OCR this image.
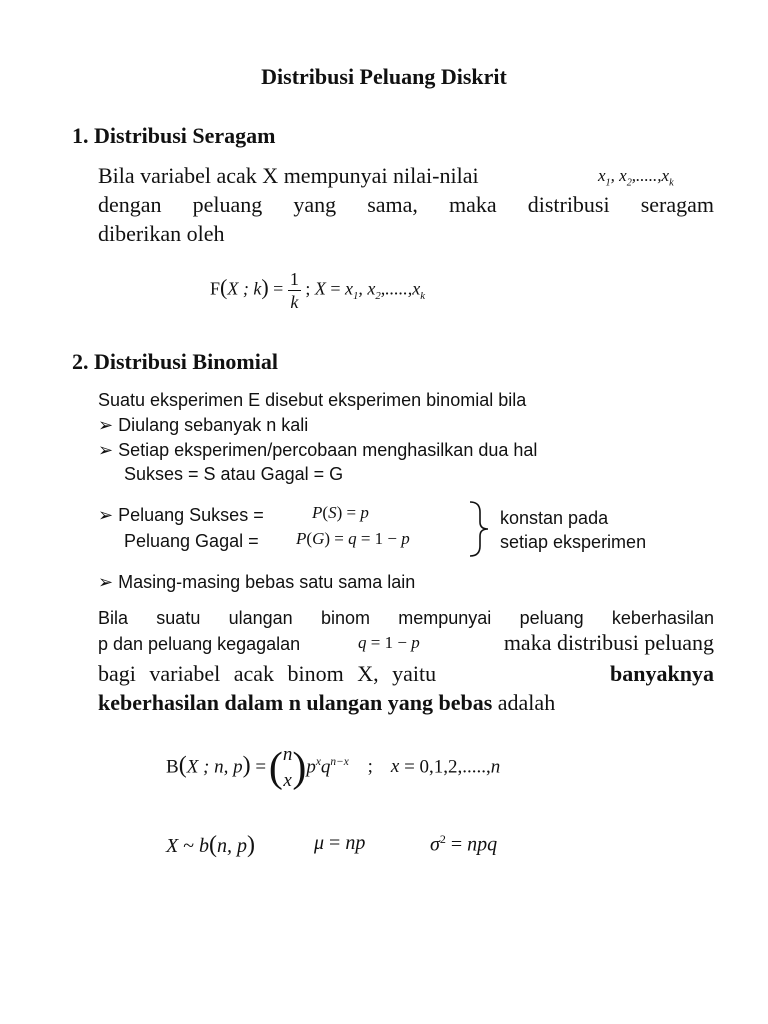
Distribusi Peluang Diskrit
1. Distribusi Seragam
Bila variabel acak X mempunyai nilai-nilai	$x_1$, $x_2,.....,x_k$
dengan peluang yang sama, maka distribusi seragam
diberikan oleh
F(X ; $k) = \frac{1}{k}$ ; $X = x_1$, $x_2,.....,x_k$
2. Distribusi Binomial
Suatu eksperimen E disebut eksperimen binomial bila
➢ Diulang sebanyak n kali
➢ Setiap eksperimen/percobaan menghasilkan dua hal
Sukses = S atau Gagal = G
➢ Peluang Sukses =	P(S) = p
Peluang Gagal = P(G) = q = 1 − p
konstan pada
setiap eksperimen
➢ Masing-masing bebas satu sama lain
Bila suatu ulangan binom mempunyai peluang keberhasilan
p dan peluang kegagalan	q = 1 − p	maka distribusi peluang
bagi variabel acak binom X, yaitu	banyaknya
keberhasilan dalam n ulangan yang bebas adalah
B(X ; n, p) = ( n
x )$p^xq^{n-x}$ ; x = 0,1,2,.....,n
X ~ b(n, p)	μ = np	$\sigma^2$ = npq
